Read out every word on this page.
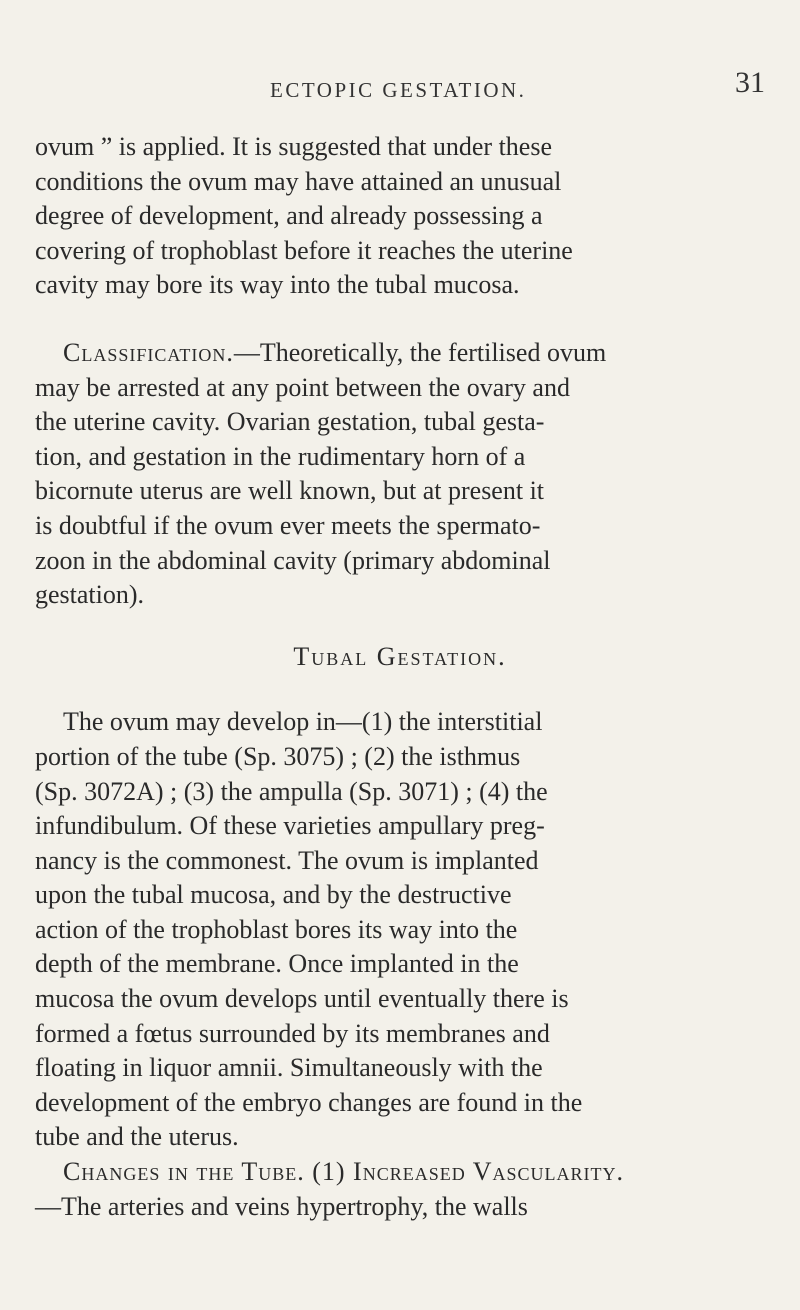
ECTOPIC GESTATION.	31

ovum ” is applied. It is suggested that under these
conditions the ovum may have attained an unusual
degree of development, and already possessing a
covering of trophoblast before it reaches the uterine
cavity may bore its way into the tubal mucosa.

Classification.—Theoretically, the fertilised ovum
may be arrested at any point between the ovary and
the uterine cavity. Ovarian gestation, tubal gesta-
tion, and gestation in the rudimentary horn of a
bicornute uterus are well known, but at present it
is doubtful if the ovum ever meets the spermato-
zoon in the abdominal cavity (primary abdominal
gestation).

Tubal Gestation.

The ovum may develop in—(1) the interstitial
portion of the tube (Sp. 3075) ; (2) the isthmus
(Sp. 3072A) ; (3) the ampulla (Sp. 3071) ; (4) the
infundibulum. Of these varieties ampullary preg-
nancy is the commonest. The ovum is implanted
upon the tubal mucosa, and by the destructive
action of the trophoblast bores its way into the
depth of the membrane. Once implanted in the
mucosa the ovum develops until eventually there is
formed a fœtus surrounded by its membranes and
floating in liquor amnii. Simultaneously with the
development of the embryo changes are found in the
tube and the uterus.

Changes in the Tube. (1) Increased Vascularity.
—The arteries and veins hypertrophy, the walls
